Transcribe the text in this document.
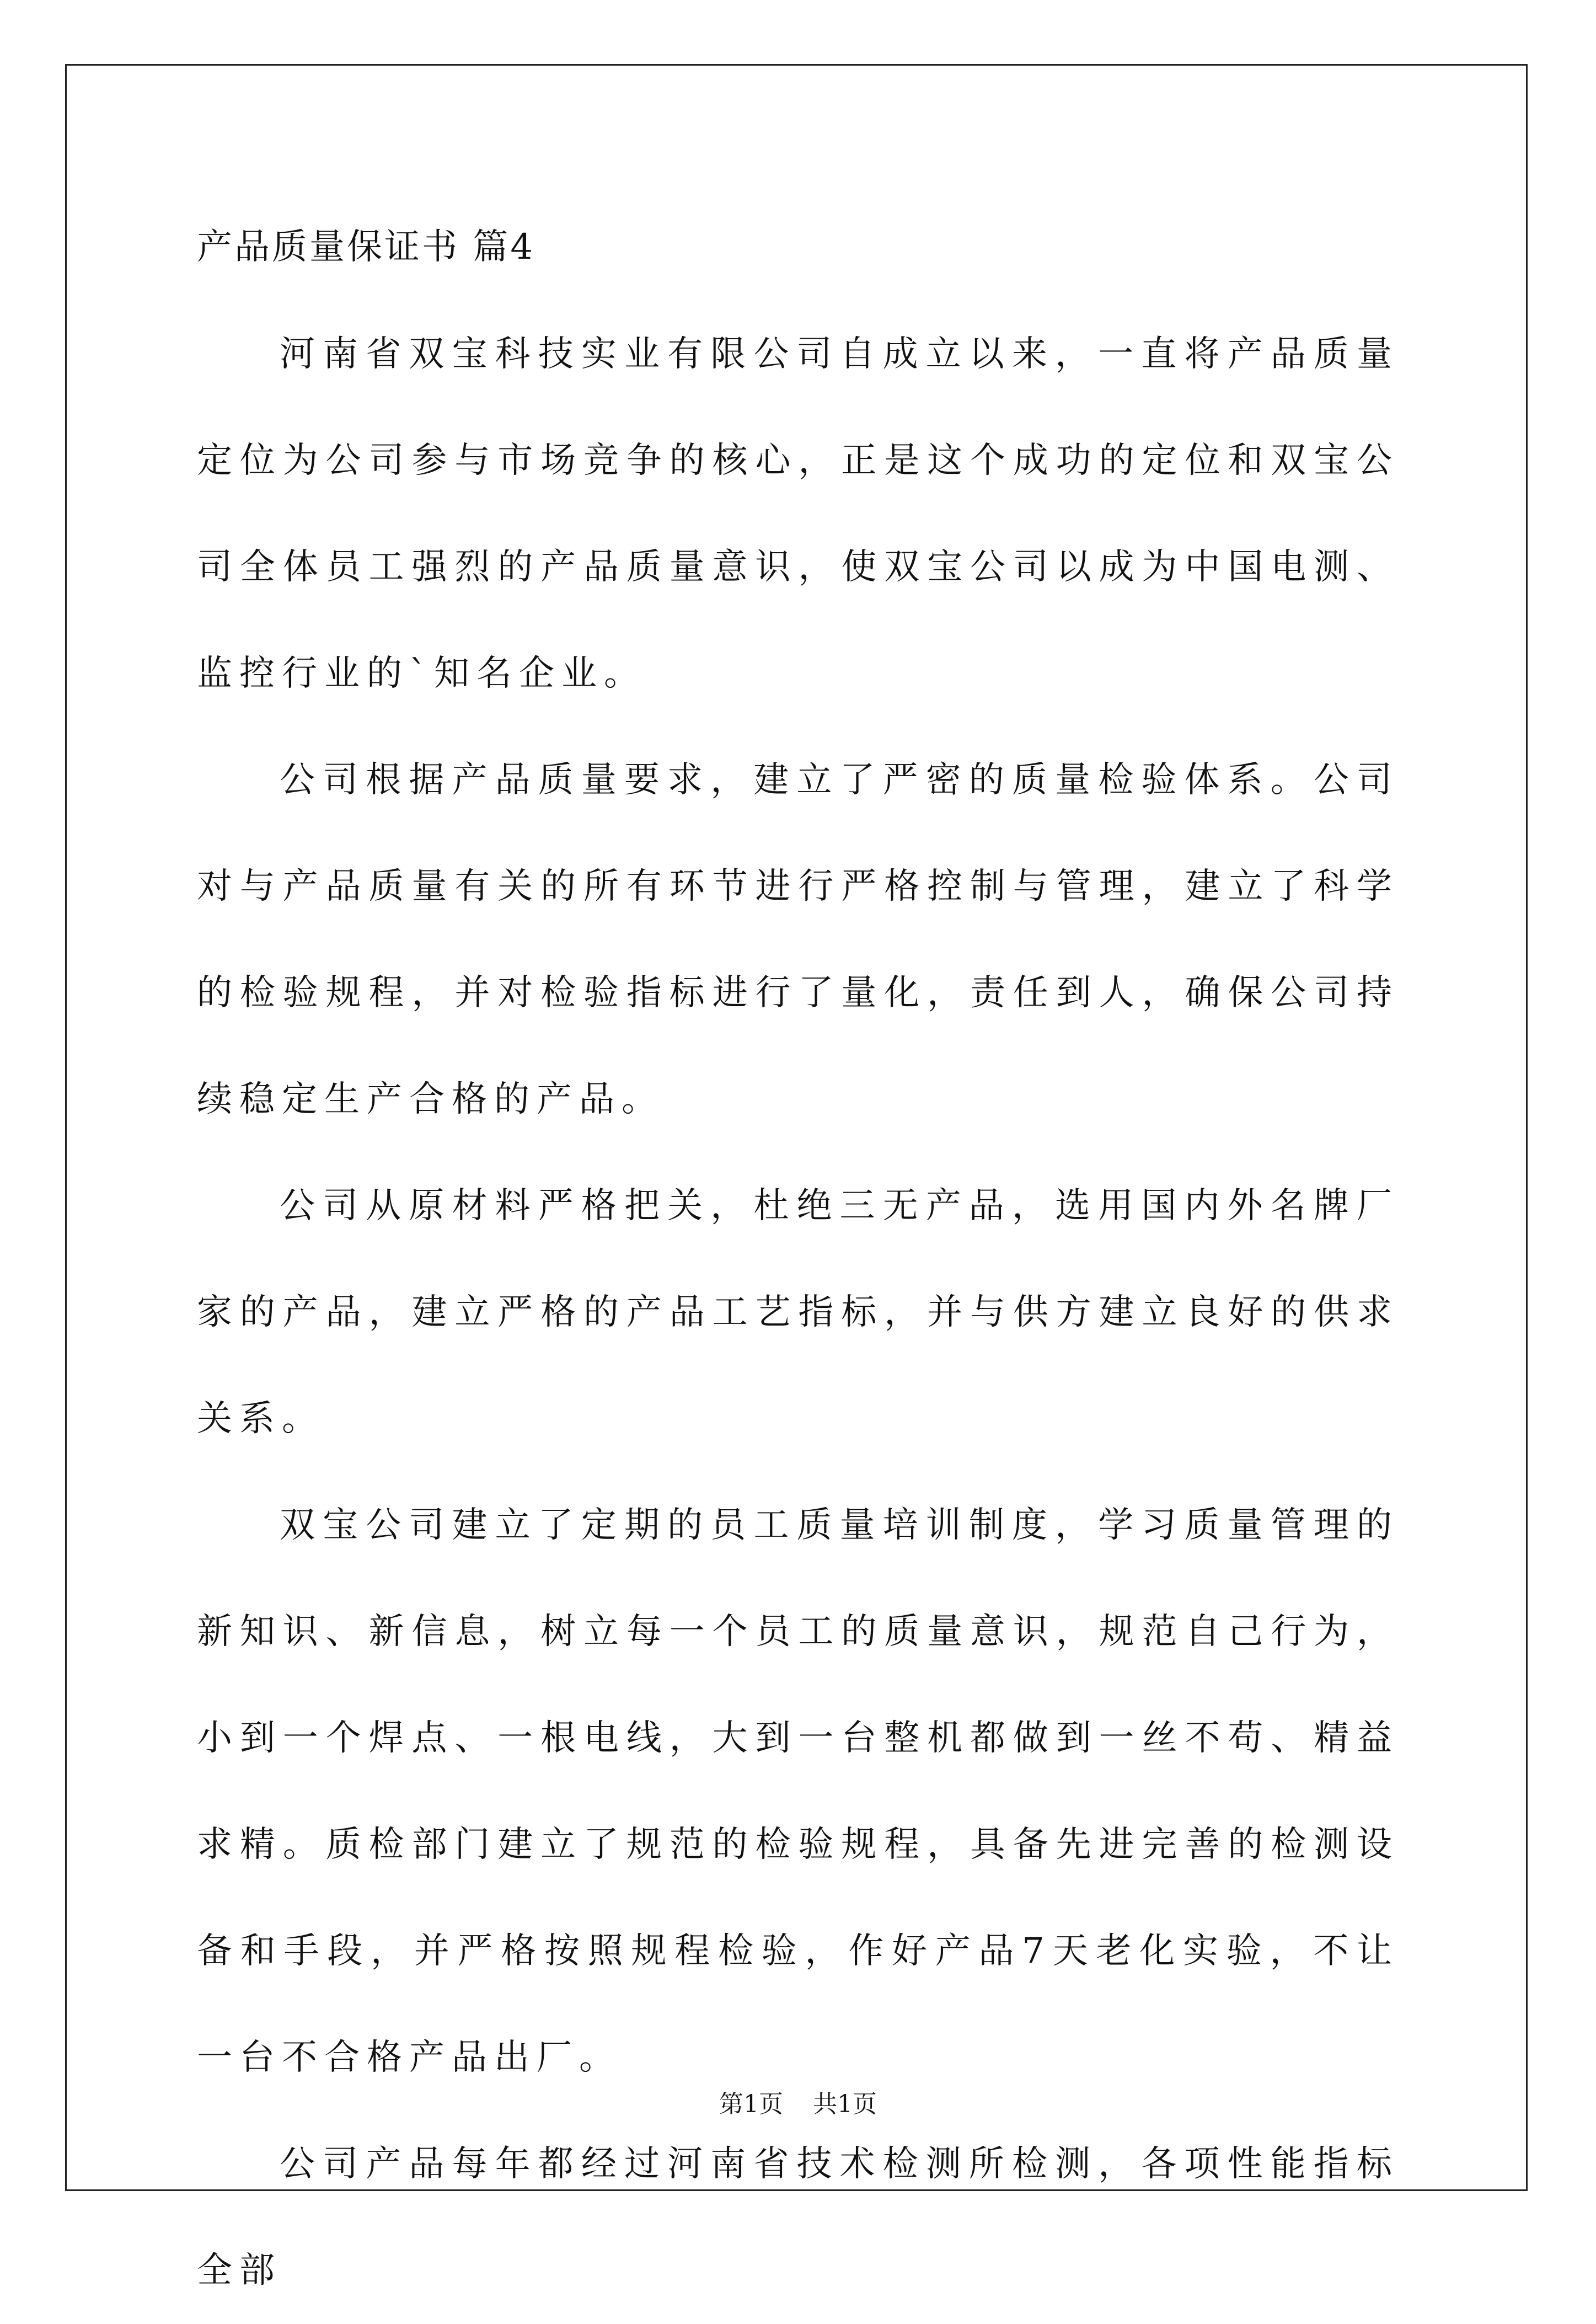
产品质量保证书 篇4

河南省双宝科技实业有限公司自成立以来，一直将产品质量定位为公司参与市场竞争的核心，正是这个成功的定位和双宝公司全体员工强烈的产品质量意识，使双宝公司以成为中国电测、监控行业的`知名企业。

公司根据产品质量要求，建立了严密的质量检验体系。公司对与产品质量有关的所有环节进行严格控制与管理，建立了科学的检验规程，并对检验指标进行了量化，责任到人，确保公司持续稳定生产合格的产品。

公司从原材料严格把关，杜绝三无产品，选用国内外名牌厂家的产品，建立严格的产品工艺指标，并与供方建立良好的供求关系。

双宝公司建立了定期的员工质量培训制度，学习质量管理的新知识、新信息，树立每一个员工的质量意识，规范自己行为，小到一个焊点、一根电线，大到一台整机都做到一丝不苟、精益求精。质检部门建立了规范的检验规程，具备先进完善的检测设备和手段，并严格按照规程检验，作好产品7天老化实验，不让一台不合格产品出厂。

公司产品每年都经过河南省技术检测所检测，各项性能指标全部

第1页 共1页
